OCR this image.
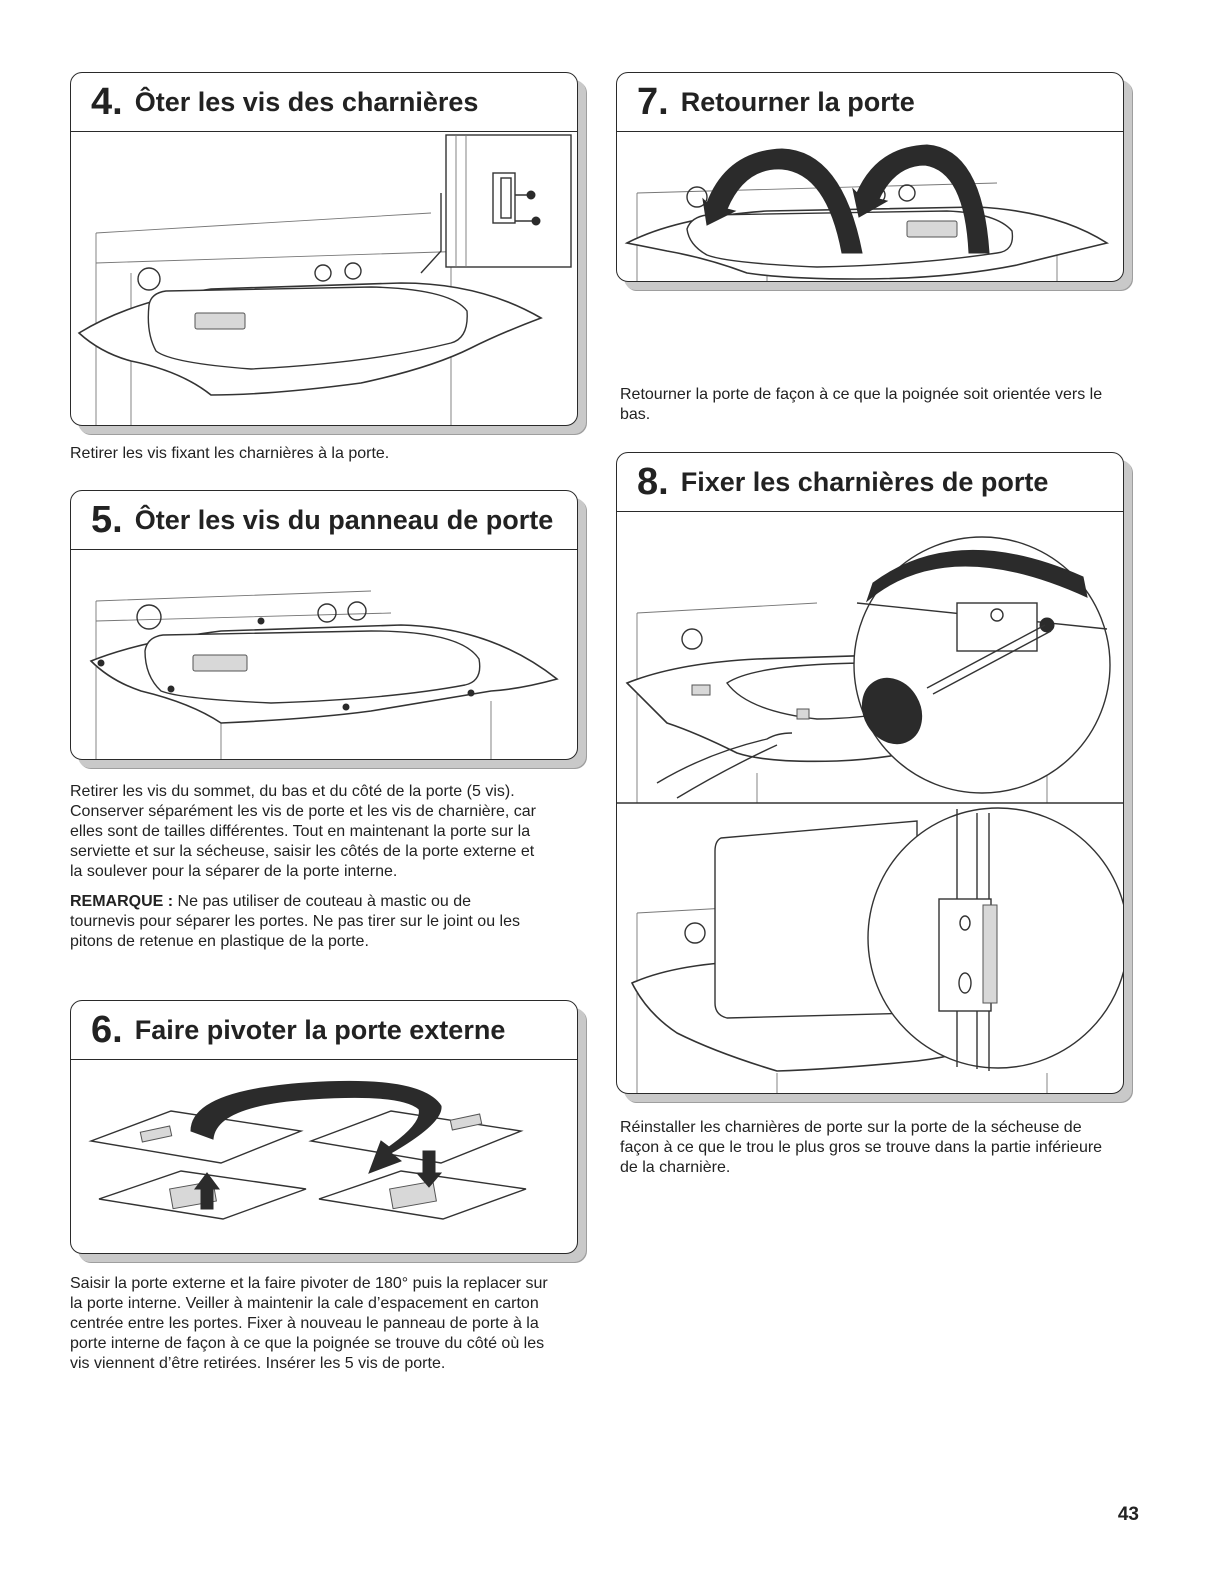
4. Ôter les vis des charnières
Retirer les vis fixant les charnières à la porte.
5. Ôter les vis du panneau de porte

Retirer les vis du sommet, du bas et du côté de la porte (5 vis). Conserver séparément les vis de porte et les vis de charnière, car elles sont de tailles différentes. Tout en maintenant la porte sur la serviette et sur la sécheuse, saisir les côtés de la porte externe et la soulever pour la séparer de la porte interne.

REMARQUE : Ne pas utiliser de couteau à mastic ou de tournevis pour séparer les portes. Ne pas tirer sur le joint ou les pitons de retenue en plastique de la porte.

6. Faire pivoter la porte externe
Saisir la porte externe et la faire pivoter de 180° puis la replacer sur la porte interne. Veiller à maintenir la cale d’espacement en carton centrée entre les portes. Fixer à nouveau le panneau de porte à la porte interne de façon à ce que la poignée se trouve du côté où les vis viennent d’être retirées. Insérer les 5 vis de porte.
7. Retourner la porte
Retourner la porte de façon à ce que la poignée soit orientée vers le bas.
8. Fixer les charnières de porte
Réinstaller les charnières de porte sur la porte de la sécheuse de façon à ce que le trou le plus gros se trouve dans la partie inférieure de la charnière.
43
